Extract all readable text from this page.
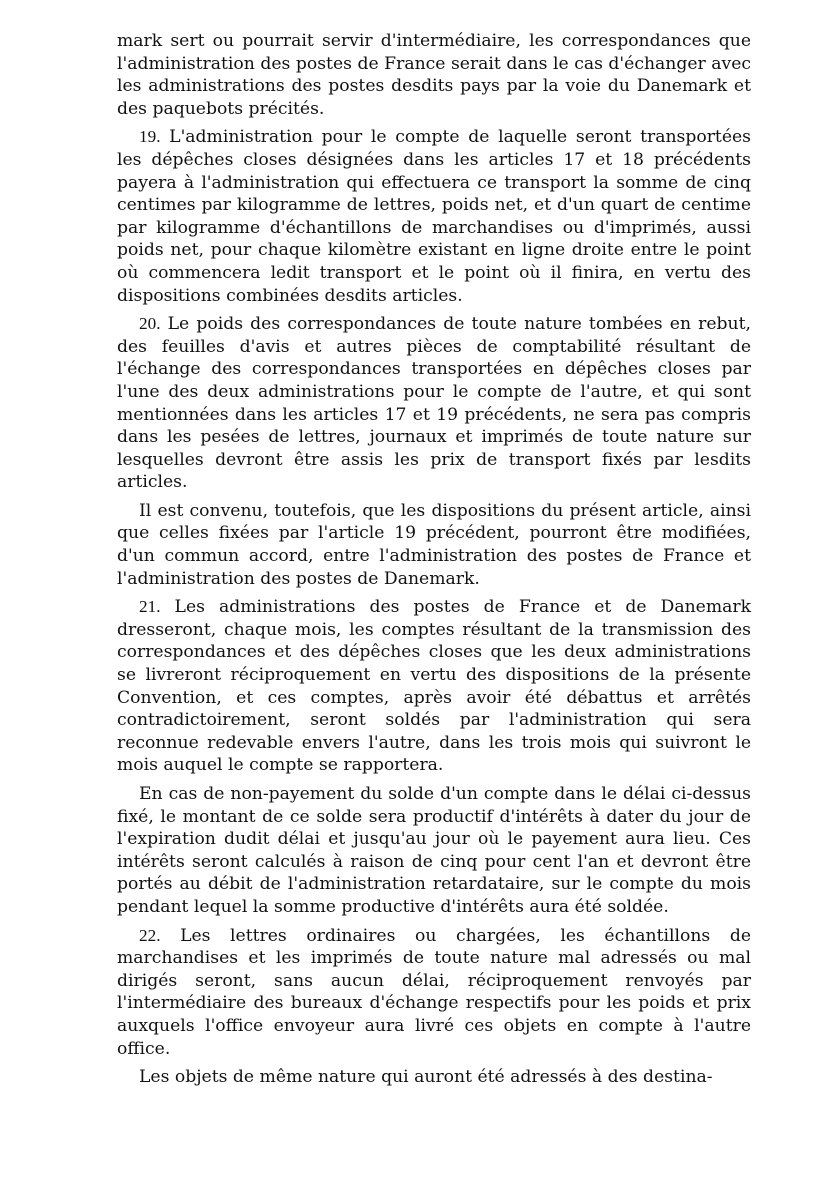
mark sert ou pourrait servir d'intermédiaire, les correspondances que l'administration des postes de France serait dans le cas d'échanger avec les administrations des postes desdits pays par la voie du Danemark et des paquebots précités.

19. L'administration pour le compte de laquelle seront transportées les dépêches closes désignées dans les articles 17 et 18 précédents payera à l'administration qui effectuera ce transport la somme de cinq centimes par kilogramme de lettres, poids net, et d'un quart de centime par kilogramme d'échantillons de marchandises ou d'imprimés, aussi poids net, pour chaque kilomètre existant en ligne droite entre le point où commencera ledit transport et le point où il finira, en vertu des dispositions combinées desdits articles.

20. Le poids des correspondances de toute nature tombées en rebut, des feuilles d'avis et autres pièces de comptabilité résultant de l'échange des correspondances transportées en dépêches closes par l'une des deux administrations pour le compte de l'autre, et qui sont mentionnées dans les articles 17 et 19 précédents, ne sera pas compris dans les pesées de lettres, journaux et imprimés de toute nature sur lesquelles devront être assis les prix de transport fixés par lesdits articles.

Il est convenu, toutefois, que les dispositions du présent article, ainsi que celles fixées par l'article 19 précédent, pourront être modifiées, d'un commun accord, entre l'administration des postes de France et l'administration des postes de Danemark.

21. Les administrations des postes de France et de Danemark dresseront, chaque mois, les comptes résultant de la transmission des correspondances et des dépêches closes que les deux administrations se livreront réciproquement en vertu des dispositions de la présente Convention, et ces comptes, après avoir été débattus et arrêtés contradictoirement, seront soldés par l'administration qui sera reconnue redevable envers l'autre, dans les trois mois qui suivront le mois auquel le compte se rapportera.

En cas de non-payement du solde d'un compte dans le délai ci-dessus fixé, le montant de ce solde sera productif d'intérêts à dater du jour de l'expiration dudit délai et jusqu'au jour où le payement aura lieu. Ces intérêts seront calculés à raison de cinq pour cent l'an et devront être portés au débit de l'administration retardataire, sur le compte du mois pendant lequel la somme productive d'intérêts aura été soldée.

22. Les lettres ordinaires ou chargées, les échantillons de marchandises et les imprimés de toute nature mal adressés ou mal dirigés seront, sans aucun délai, réciproquement renvoyés par l'intermédiaire des bureaux d'échange respectifs pour les poids et prix auxquels l'office envoyeur aura livré ces objets en compte à l'autre office.

Les objets de même nature qui auront été adressés à des destina-
